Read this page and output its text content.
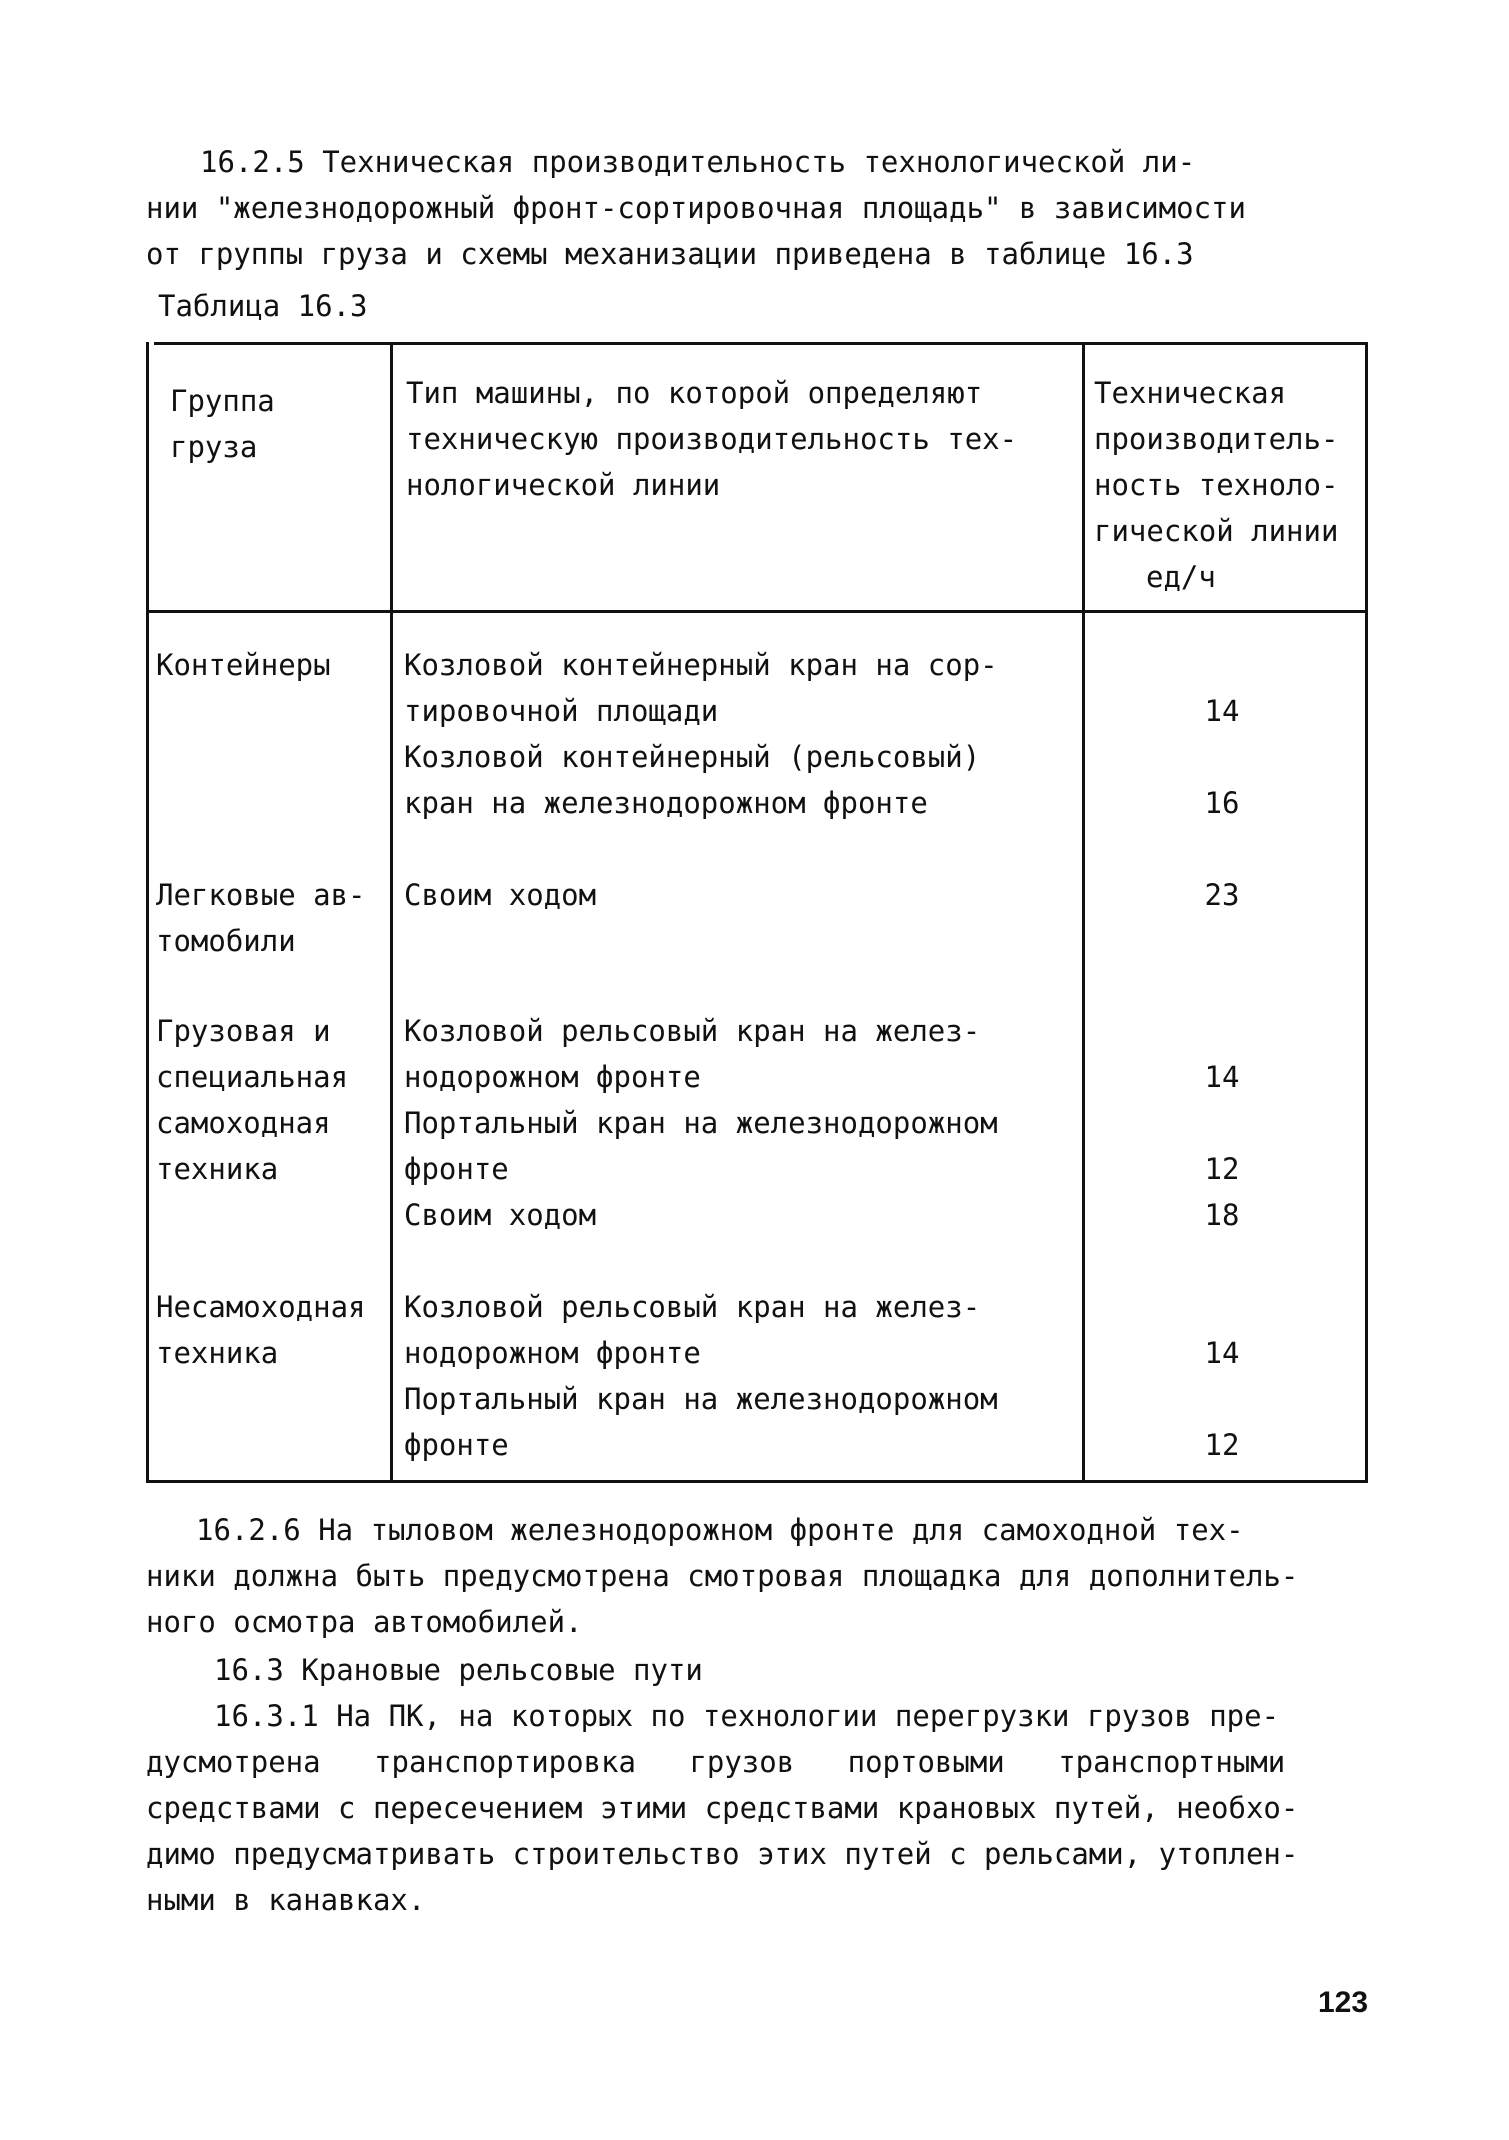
16.2.5 Техническая производительность технологической ли-
нии "железнодорожный фронт-сортировочная площадь" в зависимости
от группы груза и схемы механизации приведена в таблице 16.3
Таблица 16.3
Группа
груза
Тип машины, по которой определяют
техническую производительность тех-
нологической линии
Техническая
производитель-
ность техноло-
гической линии
ед/ч
Контейнеры	Козловой контейнерный кран на сор-
тировочной площади
Козловой контейнерный (рельсовый)
кран на железнодорожном фронте
14
16
Легковые ав-
томобили
Своим ходом	23
Грузовая и
специальная
самоходная
техника
Козловой рельсовый кран на желез-
нодорожном фронте
Портальный кран на железнодорожном
фронте
Своим ходом
14
12
18
Несамоходная
техника
Козловой рельсовый кран на желез-
нодорожном фронте
Портальный кран на железнодорожном
фронте
14
12
16.2.6 На тыловом железнодорожном фронте для самоходной тех-
ники должна быть предусмотрена смотровая площадка для дополнитель-
ного осмотра автомобилей.
16.3 Крановые рельсовые пути
16.3.1 На ПК, на которых по технологии перегрузки грузов пре-
дусмотрена транспортировка грузов портовыми транспортными
средствами с пересечением этими средствами крановых путей, необхо-
димо предусматривать строительство этих путей с рельсами, утоплен-
ными в канавках.
123
